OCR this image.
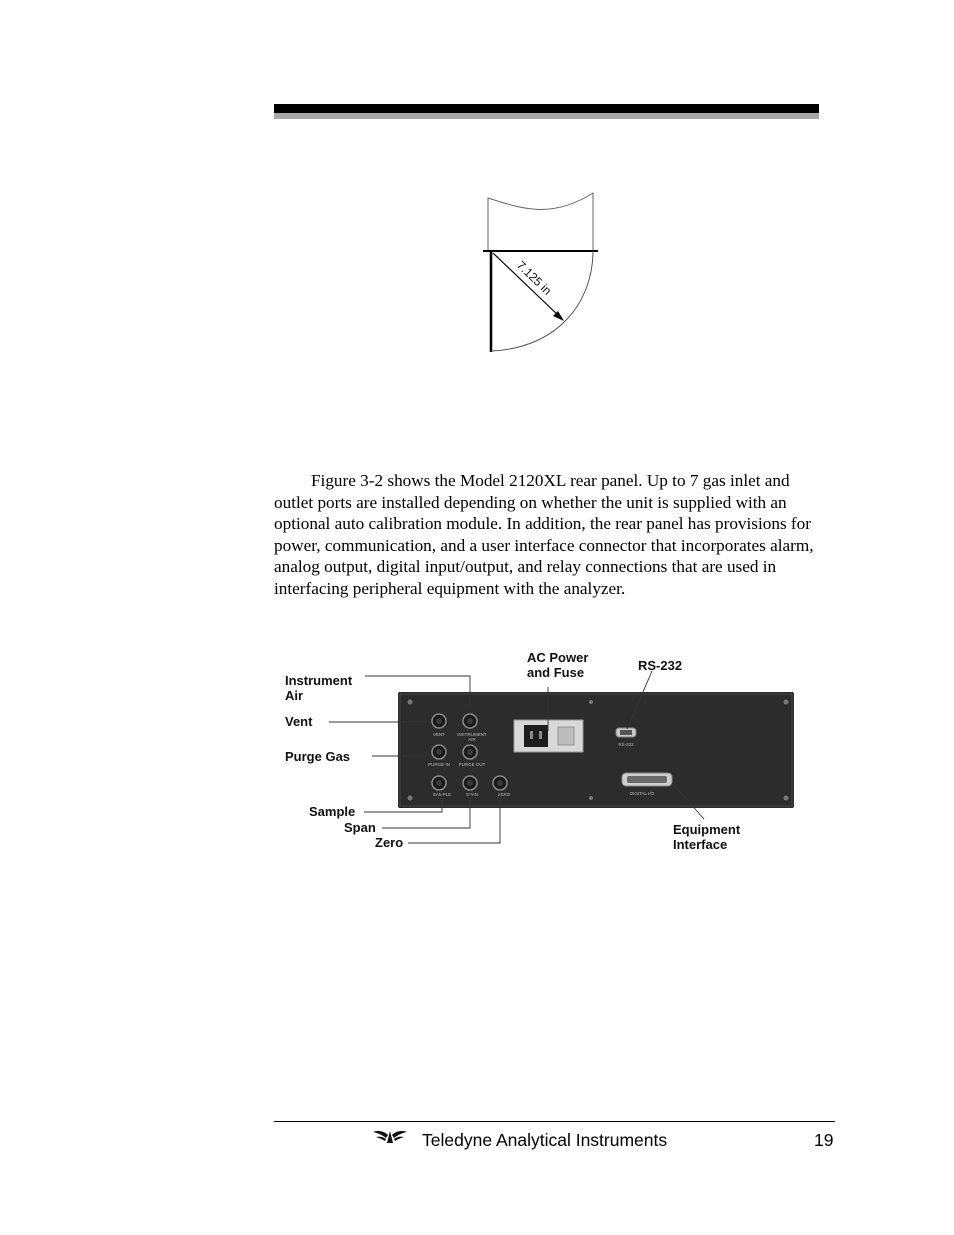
7.125 in
Figure 3-2 shows the Model 2120XL rear panel. Up to 7 gas inlet and outlet ports are installed depending on whether the unit is supplied with an optional auto calibration module. In addition, the rear panel has provisions for power, communication, and a user interface connector that incorporates alarm, analog output, digital input/output, and relay connections that are used in interfacing peripheral equipment with the analyzer.
VENT	INSTRUMENT
AIR
PURGE IN PURGE OUT
SAMPLE	SPAN	ZERO
RS-232
DIGITAL I/O
Instrument
Air
Vent
Purge Gas
Sample
Span
Zero
AC Power
and Fuse	RS-232
Equipment
Interface
Teledyne Analytical Instruments	19
